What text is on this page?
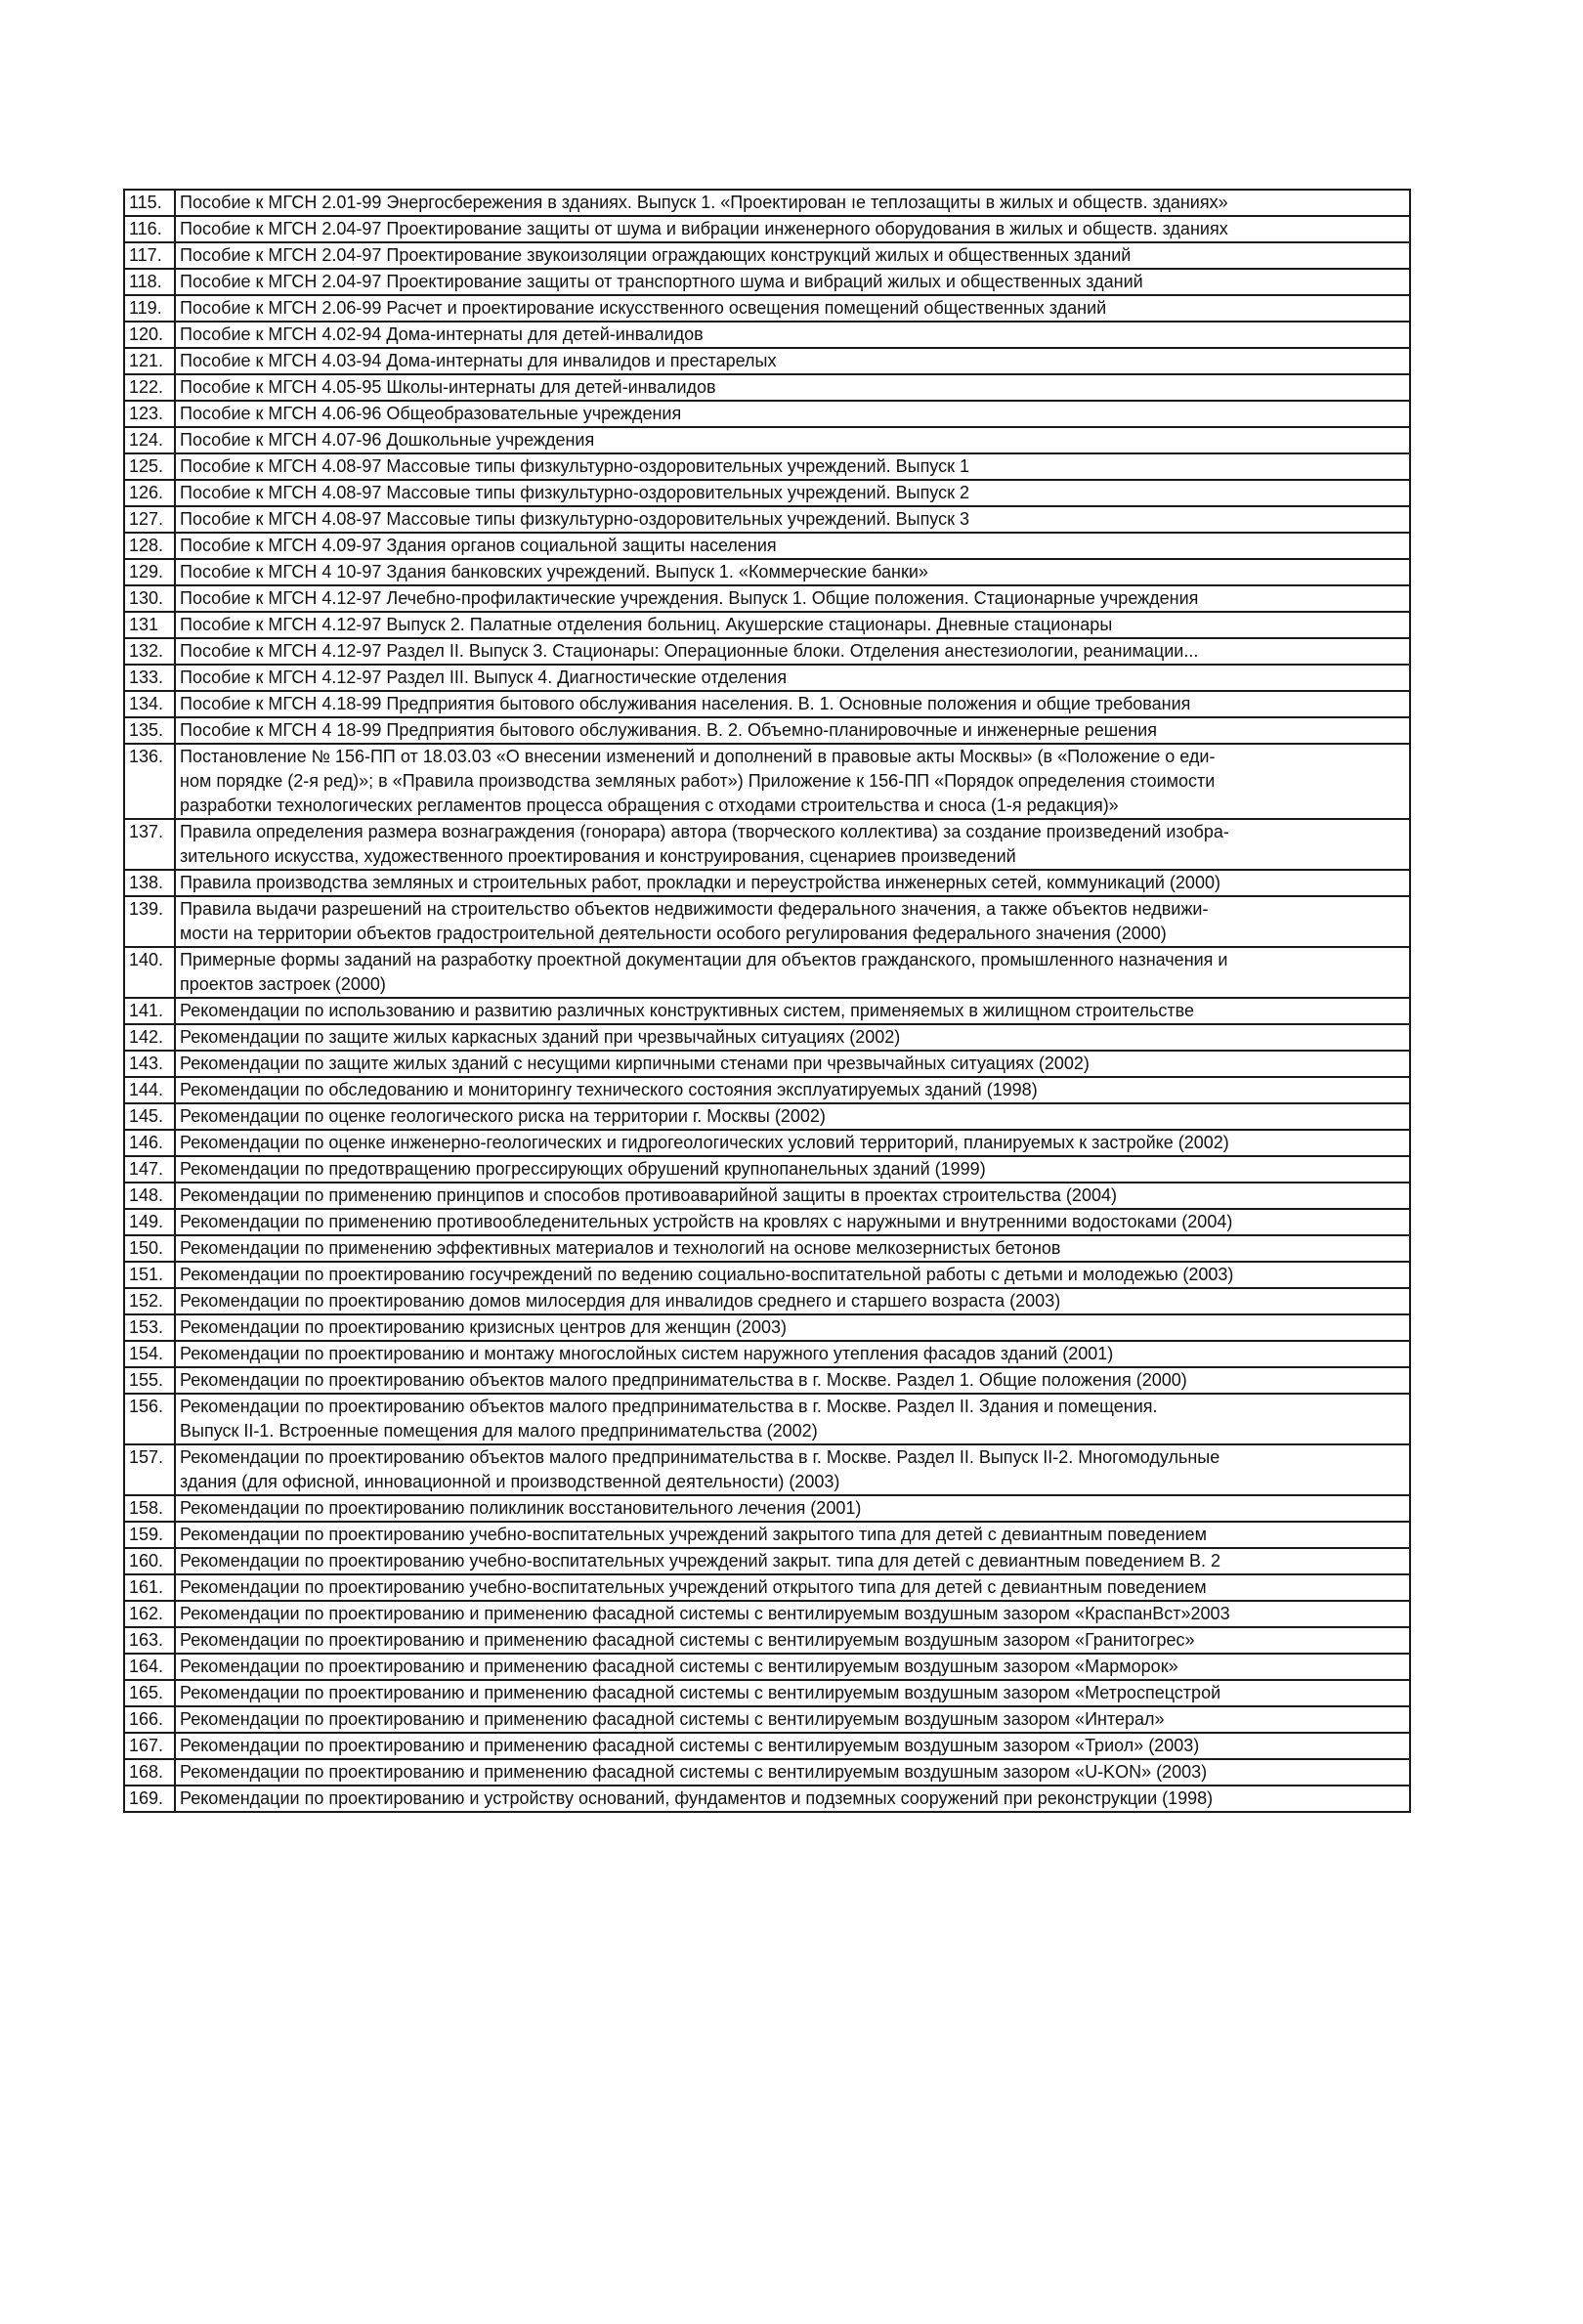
115.	Пособие к МГСН 2.01-99 Энергосбережения в зданиях. Выпуск 1. «Проектирован ıe теплозащиты в жилых и обществ. зданиях»
116.	Пособие к МГСН 2.04-97 Проектирование защиты от шума и вибрации инженерного оборудования в жилых и обществ. зданиях
117.	Пособие к МГСН 2.04-97 Проектирование звукоизоляции ограждающих конструкций жилых и общественных зданий
118.	Пособие к МГСН 2.04-97 Проектирование защиты от транспортного шума и вибраций жилых и общественных зданий
119.	Пособие к МГСН 2.06-99 Расчет и проектирование искусственного освещения помещений общественных зданий
120.	Пособие к МГСН 4.02-94 Дома-интернаты для детей-инвалидов
121.	Пособие к МГСН 4.03-94 Дома-интернаты для инвалидов и престарелых
122.	Пособие к МГСН 4.05-95 Школы-интернаты для детей-инвалидов
123.	Пособие к МГСН 4.06-96 Общеобразовательные учреждения
124.	Пособие к МГСН 4.07-96 Дошкольные учреждения
125.	Пособие к МГСН 4.08-97 Массовые типы физкультурно-оздоровительных учреждений. Выпуск 1
126.	Пособие к МГСН 4.08-97 Массовые типы физкультурно-оздоровительных учреждений. Выпуск 2
127.	Пособие к МГСН 4.08-97 Массовые типы физкультурно-оздоровительных учреждений. Выпуск 3
128.	Пособие к МГСН 4.09-97 Здания органов социальной защиты населения
129.	Пособие к МГСН 4 10-97 Здания банковских учреждений. Выпуск 1. «Коммерческие банки»
130.	Пособие к МГСН 4.12-97 Лечебно-профилактические учреждения. Выпуск 1. Общие положения. Стационарные учреждения
131	Пособие к МГСН 4.12-97 Выпуск 2. Палатные отделения больниц. Акушерские стационары. Дневные стационары
132.	Пособие к МГСН 4.12-97 Раздел II. Выпуск 3. Стационары: Операционные блоки. Отделения анестезиологии, реанимации...
133.	Пособие к МГСН 4.12-97 Раздел III. Выпуск 4. Диагностические отделения
134.	Пособие к МГСН 4.18-99 Предприятия бытового обслуживания населения. В. 1. Основные положения и общие требования
135.	Пособие к МГСН 4 18-99 Предприятия бытового обслуживания. В. 2. Объемно-планировочные и инженерные решения
136.	Постановление № 156-ПП от 18.03.03 «О внесении изменений и дополнений в правовые акты Москвы» (в «Положение о еди-
ном порядке (2-я ред)»; в «Правила производства земляных работ») Приложение к 156-ПП «Порядок определения стоимости
разработки технологических регламентов процесса обращения с отходами строительства и сноса (1-я редакция)»
137.	Правила определения размера вознаграждения (гонорара) автора (творческого коллектива) за создание произведений изобра-
зительного искусства, художественного проектирования и конструирования, сценариев произведений
138.	Правила производства земляных и строительных работ, прокладки и переустройства инженерных сетей, коммуникаций (2000)
139.	Правила выдачи разрешений на строительство объектов недвижимости федерального значения, а также объектов недвижи-
мости на территории объектов градостроительной деятельности особого регулирования федерального значения (2000)
140.	Примерные формы заданий на разработку проектной документации для объектов гражданского, промышленного назначения и
проектов застроек (2000)
141.	Рекомендации по использованию и развитию различных конструктивных систем, применяемых в жилищном строительстве
142.	Рекомендации по защите жилых каркасных зданий при чрезвычайных ситуациях (2002)
143.	Рекомендации по защите жилых зданий с несущими кирпичными стенами при чрезвычайных ситуациях (2002)
144.	Рекомендации по обследованию и мониторингу технического состояния эксплуатируемых зданий (1998)
145.	Рекомендации по оценке геологического риска на территории г. Москвы (2002)
146.	Рекомендации по оценке инженерно-геологических и гидрогеологических условий территорий, планируемых к застройке (2002)
147.	Рекомендации по предотвращению прогрессирующих обрушений крупнопанельных зданий (1999)
148.	Рекомендации по применению принципов и способов противоаварийной защиты в проектах строительства (2004)
149.	Рекомендации по применению противообледенительных устройств на кровлях с наружными и внутренними водостоками (2004)
150.	Рекомендации по применению эффективных материалов и технологий на основе мелкозернистых бетонов
151.	Рекомендации по проектированию госучреждений по ведению социально-воспитательной работы с детьми и молодежью (2003)
152.	Рекомендации по проектированию домов милосердия для инвалидов среднего и старшего возраста (2003)
153.	Рекомендации по проектированию кризисных центров для женщин (2003)
154.	Рекомендации по проектированию и монтажу многослойных систем наружного утепления фасадов зданий (2001)
155.	Рекомендации по проектированию объектов малого предпринимательства в г. Москве. Раздел 1. Общие положения (2000)
156.	Рекомендации по проектированию объектов малого предпринимательства в г. Москве. Раздел II. Здания и помещения.
Выпуск II-1. Встроенные помещения для малого предпринимательства (2002)
157.	Рекомендации по проектированию объектов малого предпринимательства в г. Москве. Раздел II. Выпуск II-2. Многомодульные
здания (для офисной, инновационной и производственной деятельности) (2003)
158.	Рекомендации по проектированию поликлиник восстановительного лечения (2001)
159.	Рекомендации по проектированию учебно-воспитательных учреждений закрытого типа для детей с девиантным поведением
160.	Рекомендации по проектированию учебно-воспитательных учреждений закрыт. типа для детей с девиантным поведением В. 2
161.	Рекомендации по проектированию учебно-воспитательных учреждений открытого типа для детей с девиантным поведением
162.	Рекомендации по проектированию и применению фасадной системы с вентилируемым воздушным зазором «КраспанВст»2003
163.	Рекомендации по проектированию и применению фасадной системы с вентилируемым воздушным зазором «Гранитогрес»
164.	Рекомендации по проектированию и применению фасадной системы с вентилируемым воздушным зазором «Марморок»
165.	Рекомендации по проектированию и применению фасадной системы с вентилируемым воздушным зазором «Метроспецстрой
166.	Рекомендации по проектированию и применению фасадной системы с вентилируемым воздушным зазором «Интерал»
167.	Рекомендации по проектированию и применению фасадной системы с вентилируемым воздушным зазором «Триол» (2003)
168.	Рекомендации по проектированию и применению фасадной системы с вентилируемым воздушным зазором «U-KON» (2003)
169.	Рекомендации по проектированию и устройству оснований, фундаментов и подземных сооружений при реконструкции (1998)
